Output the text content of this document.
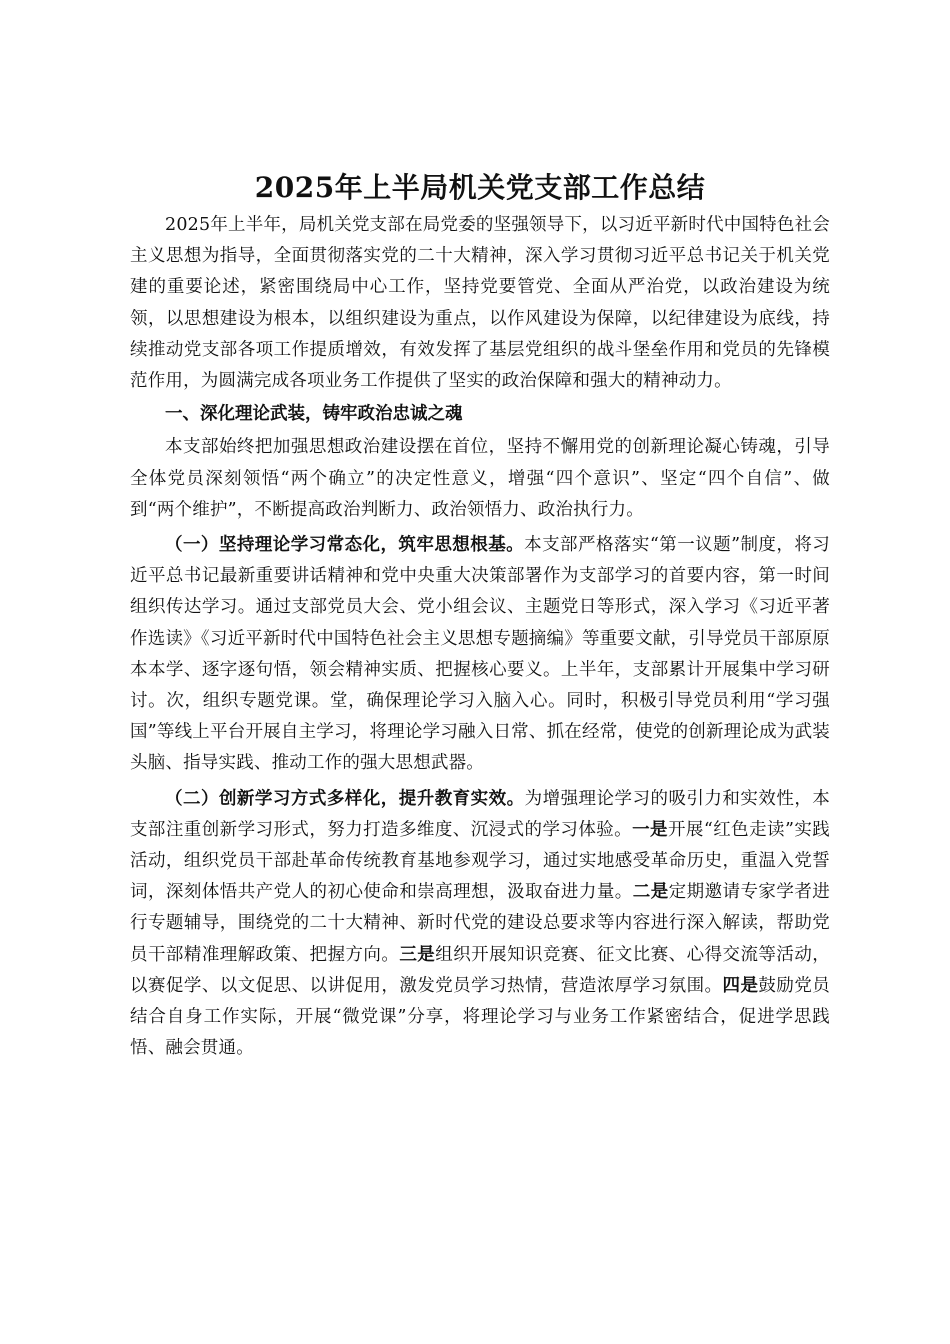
2025年上半局机关党支部工作总结

2025年上半年，局机关党支部在局党委的坚强领导下，以习近平新时代中国特色社会主义思想为指导，全面贯彻落实党的二十大精神，深入学习贯彻习近平总书记关于机关党建的重要论述，紧密围绕局中心工作，坚持党要管党、全面从严治党，以政治建设为统领，以思想建设为根本，以组织建设为重点，以作风建设为保障，以纪律建设为底线，持续推动党支部各项工作提质增效，有效发挥了基层党组织的战斗堡垒作用和党员的先锋模范作用，为圆满完成各项业务工作提供了坚实的政治保障和强大的精神动力。

一、深化理论武装，铸牢政治忠诚之魂

本支部始终把加强思想政治建设摆在首位，坚持不懈用党的创新理论凝心铸魂，引导全体党员深刻领悟“两个确立”的决定性意义，增强“四个意识”、坚定“四个自信”、做到“两个维护”，不断提高政治判断力、政治领悟力、政治执行力。

（一）坚持理论学习常态化，筑牢思想根基。本支部严格落实“第一议题”制度，将习近平总书记最新重要讲话精神和党中央重大决策部署作为支部学习的首要内容，第一时间组织传达学习。通过支部党员大会、党小组会议、主题党日等形式，深入学习《习近平著作选读》《习近平新时代中国特色社会主义思想专题摘编》等重要文献，引导党员干部原原本本学、逐字逐句悟，领会精神实质、把握核心要义。上半年，支部累计开展集中学习研讨。次，组织专题党课。堂，确保理论学习入脑入心。同时，积极引导党员利用“学习强国”等线上平台开展自主学习，将理论学习融入日常、抓在经常，使党的创新理论成为武装头脑、指导实践、推动工作的强大思想武器。

（二）创新学习方式多样化，提升教育实效。为增强理论学习的吸引力和实效性，本支部注重创新学习形式，努力打造多维度、沉浸式的学习体验。一是开展“红色走读”实践活动，组织党员干部赴革命传统教育基地参观学习，通过实地感受革命历史，重温入党誓词，深刻体悟共产党人的初心使命和崇高理想，汲取奋进力量。二是定期邀请专家学者进行专题辅导，围绕党的二十大精神、新时代党的建设总要求等内容进行深入解读，帮助党员干部精准理解政策、把握方向。三是组织开展知识竞赛、征文比赛、心得交流等活动，以赛促学、以文促思、以讲促用，激发党员学习热情，营造浓厚学习氛围。四是鼓励党员结合自身工作实际，开展“微党课”分享，将理论学习与业务工作紧密结合，促进学思践悟、融会贯通。
